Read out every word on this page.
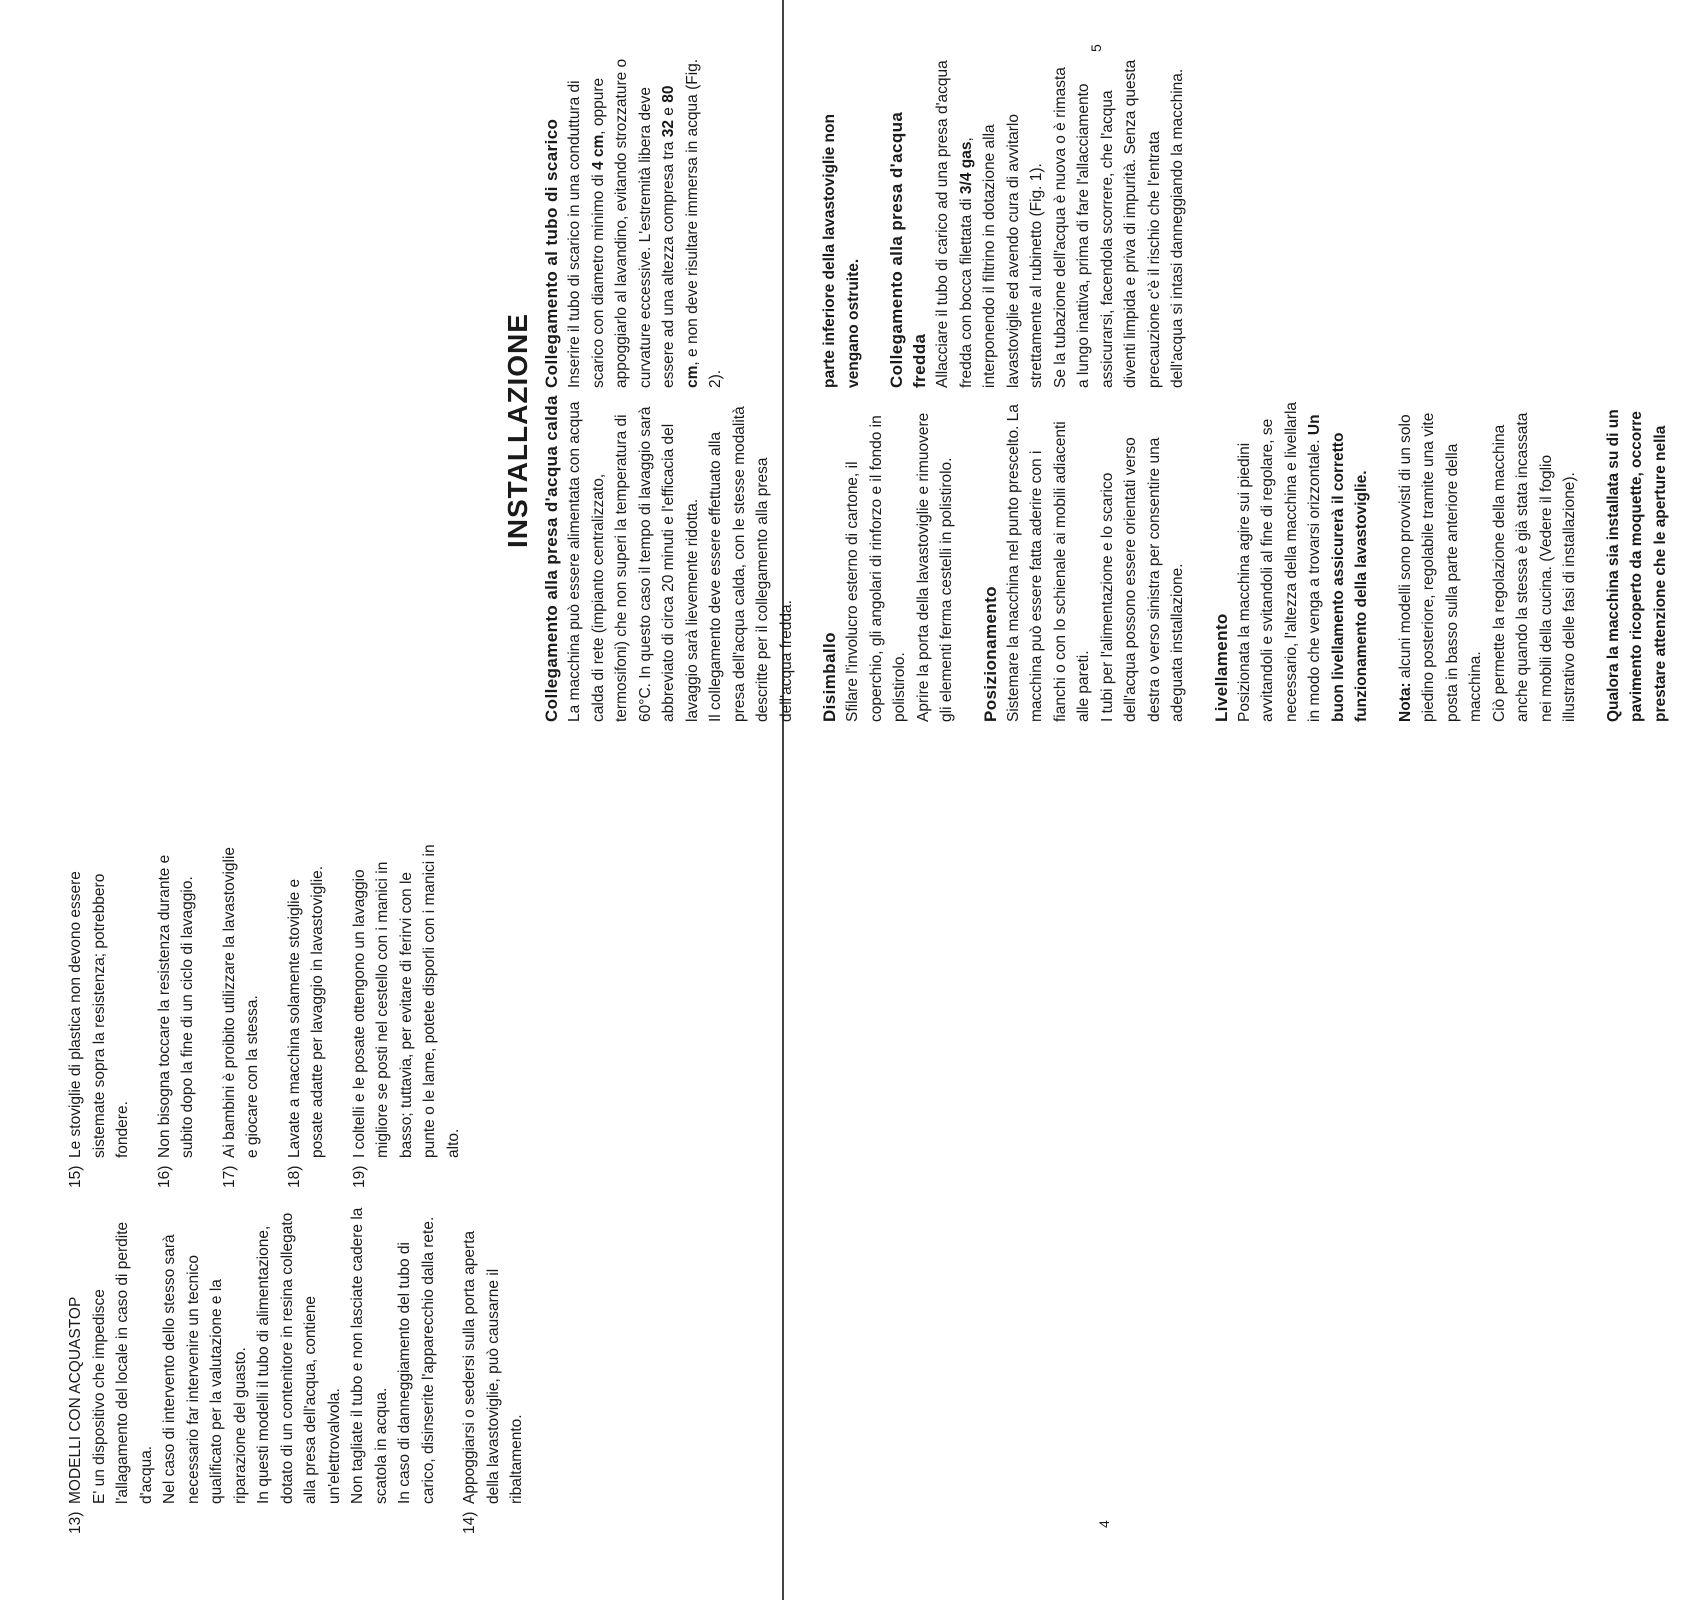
13)

MODELLI CON ACQUASTOP E' un dispositivo che impedisce l'allagamento del locale in caso di perdite d'acqua. Nel caso di intervento dello stesso sarà necessario far intervenire un tecnico qualificato per la valutazione e la riparazione del guasto. In questi modelli il tubo di alimentazione, dotato di un contenitore in resina collegato alla presa dell'acqua, contiene un'elettrovalvola. Non tagliate il tubo e non lasciate cadere la scatola in acqua. In caso di danneggiamento del tubo di carico, disinserite l'apparecchio dalla rete.

14)

Appoggiarsi o sedersi sulla porta aperta della lavastoviglie, può causarne il ribaltamento.

15)

Le stoviglie di plastica non devono essere sistemate sopra la resistenza; potrebbero fondere.

16)

Non bisogna toccare la resistenza durante e subito dopo la fine di un ciclo di lavaggio.

17)

Ai bambini è proibito utilizzare la lavastoviglie e giocare con la stessa.

18)

Lavate a macchina solamente stoviglie e posate adatte per lavaggio in lavastoviglie.

19)

I coltelli e le posate ottengono un lavaggio migliore se posti nel cestello con i manici in basso; tuttavia, per evitare di ferirvi con le punte o le lame, potete disporli con i manici in alto.

4
INSTALLAZIONE
Disimballo Sfilare l'involucro esterno di cartone, il coperchio, gli angolari di rinforzo e il fondo in polistirolo. Aprire la porta della lavastoviglie e rimuovere gli elementi ferma cestelli in polistirolo. Posizionamento Sistemare la macchina nel punto prescelto. La macchina può essere fatta aderire con i fianchi o con lo schienale ai mobili adiacenti alle pareti. I tubi per l'alimentazione e lo scarico dell'acqua possono essere orientati verso destra o verso sinistra per consentire una adeguata installazione. Livellamento Posizionata la macchina agire sui piedini avvitandoli e svitandoli al fine di regolare, se necessario, l'altezza della macchina e livellarla in modo che venga a trovarsi orizzontale. Un buon livellamento assicurerà il corretto funzionamento della lavastoviglie. Nota: alcuni modelli sono provvisti di un solo piedino posteriore, regolabile tramite una vite posta in basso sulla parte anteriore della macchina. Ciò permette la regolazione della macchina anche quando la stessa è già stata incassata nei mobili della cucina. (Vedere il foglio illustrativo delle fasi di installazione). Qualora la macchina sia installata su di un pavimento ricoperto da moquette, occorre prestare attenzione che le aperture nella

parte inferiore della lavastoviglie non vengano ostruite. Collegamento alla presa d'acqua fredda Allacciare il tubo di carico ad una presa d'acqua fredda con bocca filettata di 3/4 gas, interponendo il filtrino in dotazione alla lavastoviglie ed avendo cura di avvitarlo strettamente al rubinetto (Fig. 1). Se la tubazione dell'acqua è nuova o è rimasta a lungo inattiva, prima di fare l'allacciamento assicurarsi, facendola scorrere, che l'acqua diventi limpida e priva di impurità. Senza questa precauzione c'è il rischio che l'entrata dell'acqua si intasi danneggiando la macchina.

Collegamento alla presa d'acqua calda La macchina può essere alimentata con acqua calda di rete (impianto centralizzato, termosifoni) che non superi la temperatura di 60°C. In questo caso il tempo di lavaggio sarà abbreviato di circa 20 minuti e l'efficacia del lavaggio sarà lievemente ridotta. Il collegamento deve essere effettuato alla presa dell'acqua calda, con le stesse modalità descritte per il collegamento alla presa dell'acqua fredda.

Collegamento al tubo di scarico Inserire il tubo di scarico in una conduttura di scarico con diametro minimo di 4 cm, oppure appoggiarlo al lavandino, evitando strozzature o curvature eccessive. L'estremità libera deve essere ad una altezza compresa tra 32 e 80 cm, e non deve risultare immersa in acqua (Fig. 2).

5
